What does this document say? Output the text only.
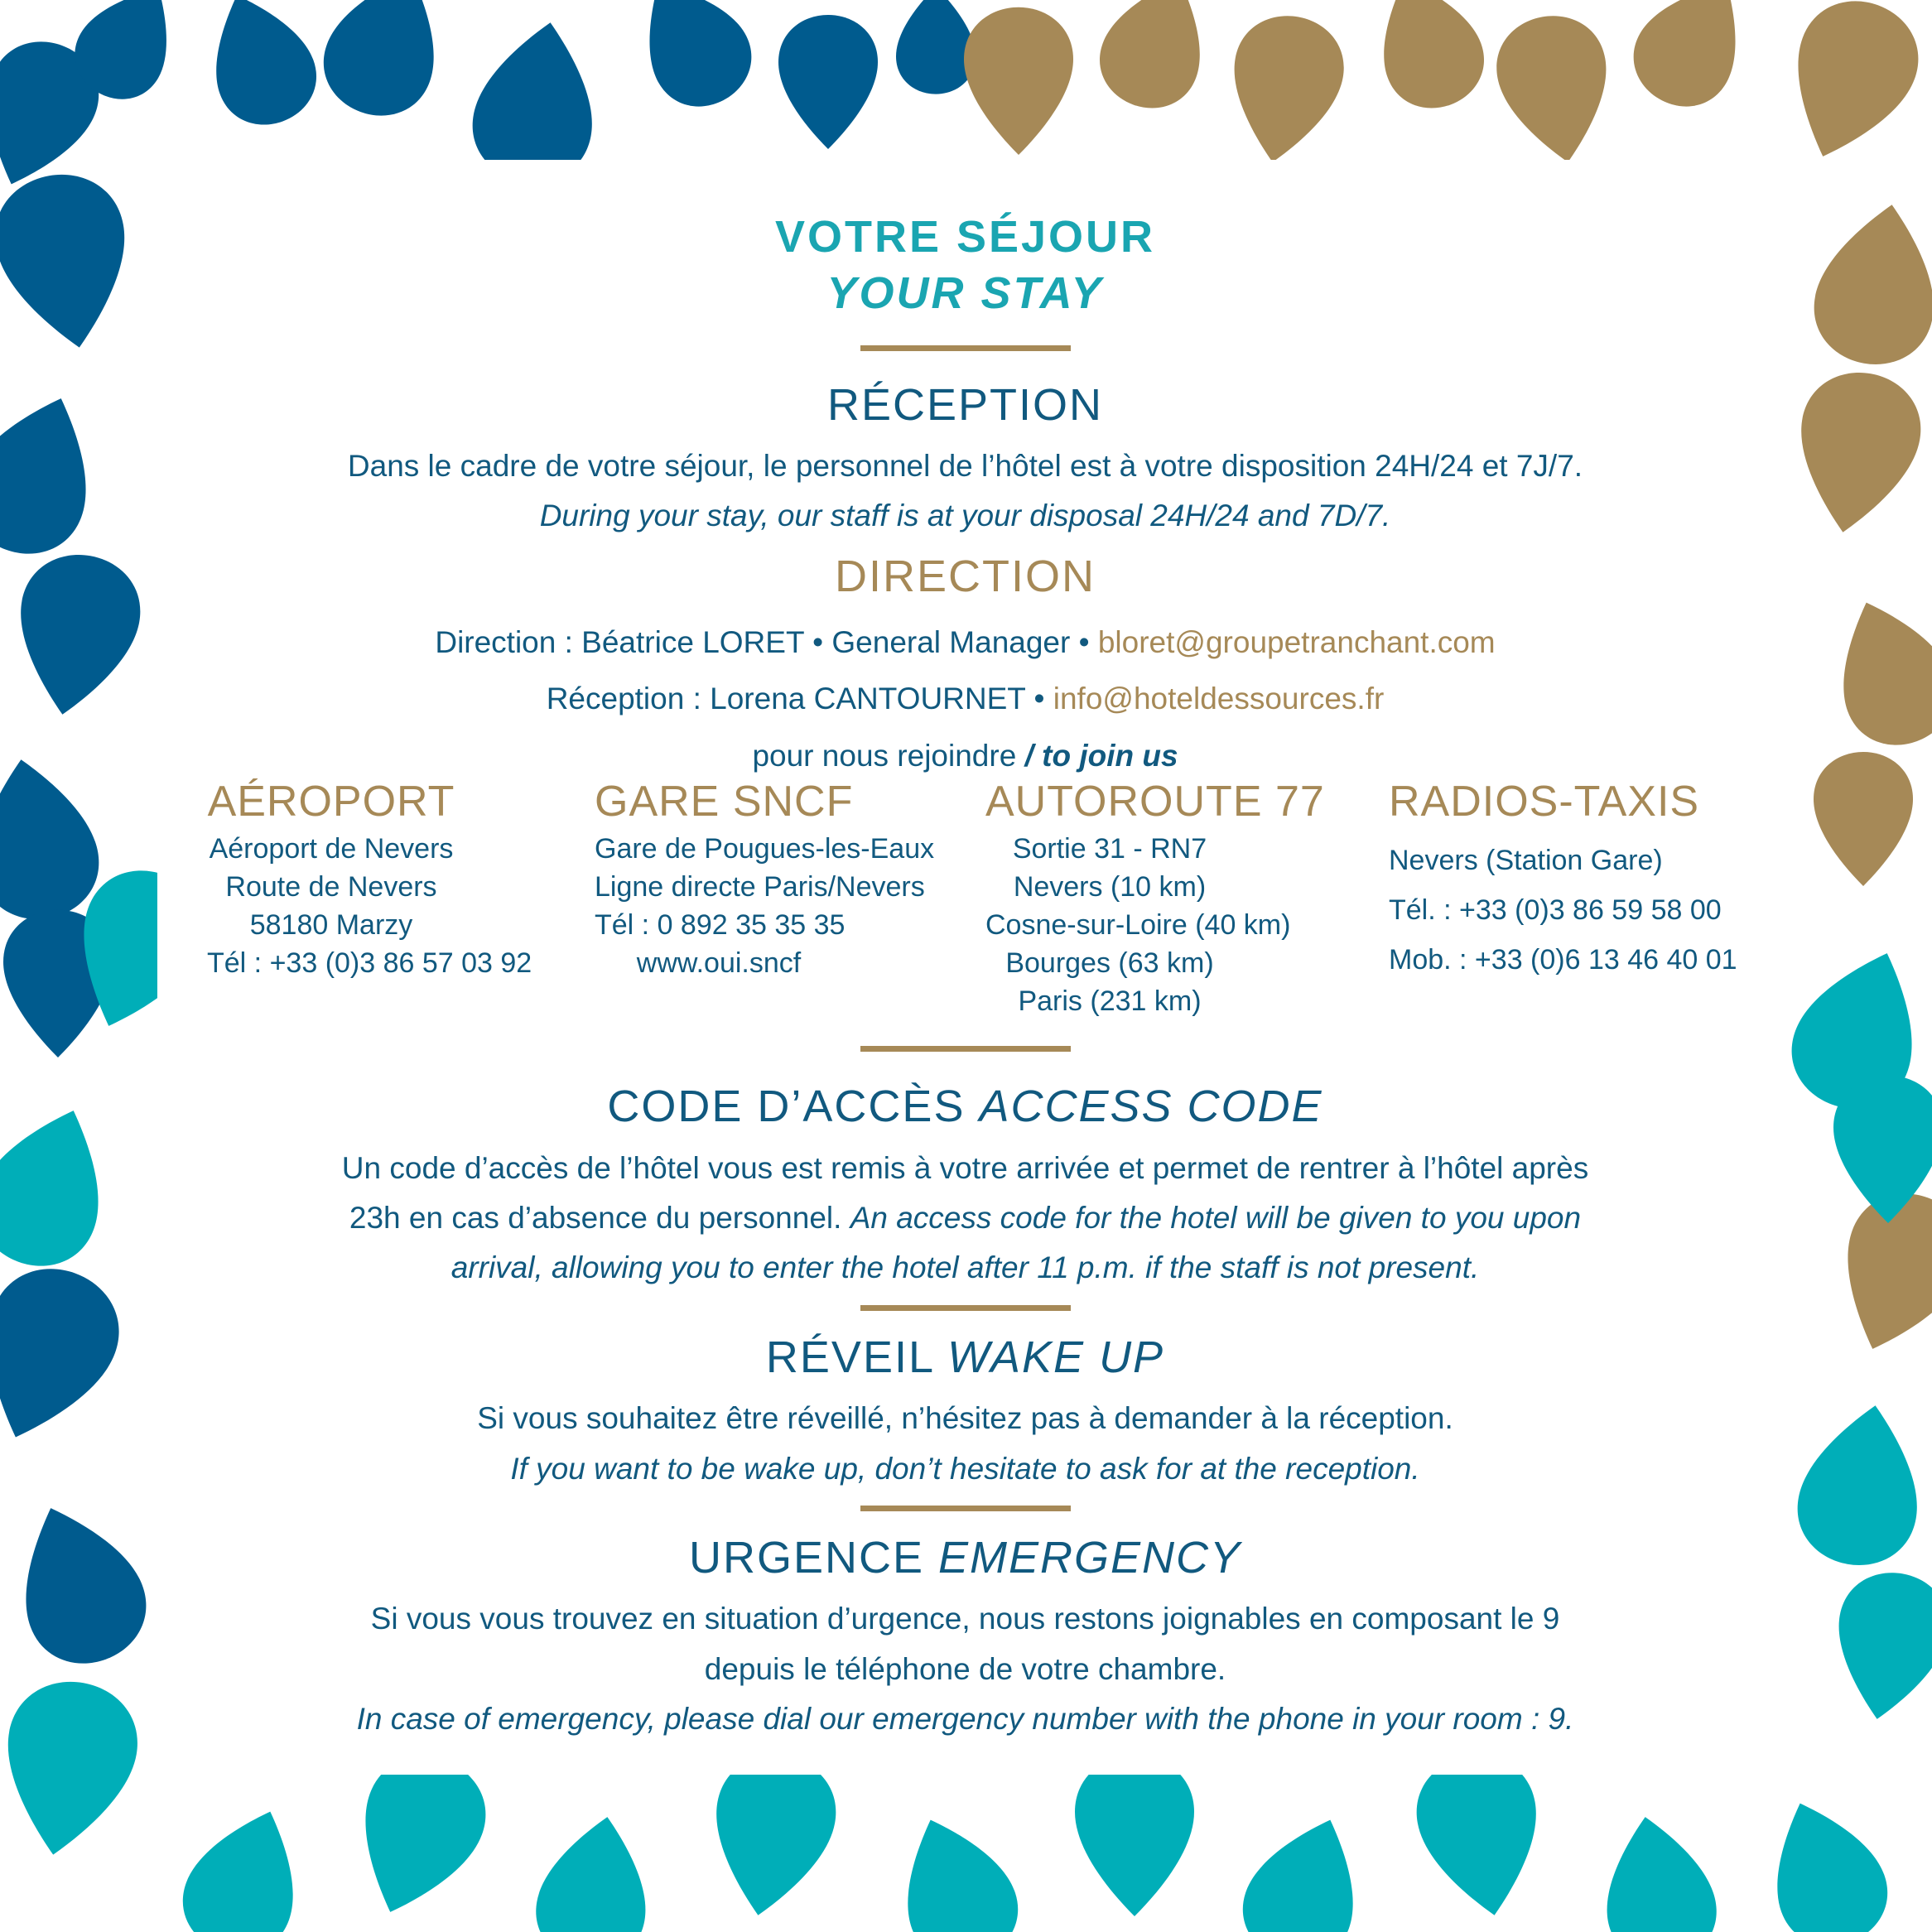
VOTRE SÉJOUR
YOUR STAY
RÉCEPTION
Dans le cadre de votre séjour, le personnel de l’hôtel est à votre disposition 24H/24 et 7J/7.
During your stay, our staff is at your disposal 24H/24 and 7D/7.
DIRECTION
Direction : Béatrice LORET • General Manager • bloret@groupetranchant.com
Réception : Lorena CANTOURNET • info@hoteldessources.fr
pour nous rejoindre / to join us
AÉROPORT
Aéroport de Nevers
Route de Nevers
58180 Marzy
Tél : +33 (0)3 86 57 03 92
GARE SNCF
Gare de Pougues-les-Eaux
Ligne directe Paris/Nevers
Tél : 0 892 35 35 35
www.oui.sncf
AUTOROUTE 77
Sortie 31 - RN7
Nevers (10 km)
Cosne-sur-Loire (40 km)
Bourges (63 km)
Paris (231 km)
RADIOS-TAXIS
Nevers (Station Gare)
Tél. : +33 (0)3 86 59 58 00
Mob. : +33 (0)6 13 46 40 01
CODE D’ACCÈS ACCESS CODE
Un code d’accès de l’hôtel vous est remis à votre arrivée et permet de rentrer à l’hôtel après
23h en cas d’absence du personnel. An access code for the hotel will be given to you upon
arrival, allowing you to enter the hotel after 11 p.m. if the staff is not present.
RÉVEIL WAKE UP
Si vous souhaitez être réveillé, n’hésitez pas à demander à la réception.
If you want to be wake up, don’t hesitate to ask for at the reception.
URGENCE EMERGENCY
Si vous vous trouvez en situation d’urgence, nous restons joignables en composant le 9
depuis le téléphone de votre chambre.
In case of emergency, please dial our emergency number with the phone in your room : 9.
